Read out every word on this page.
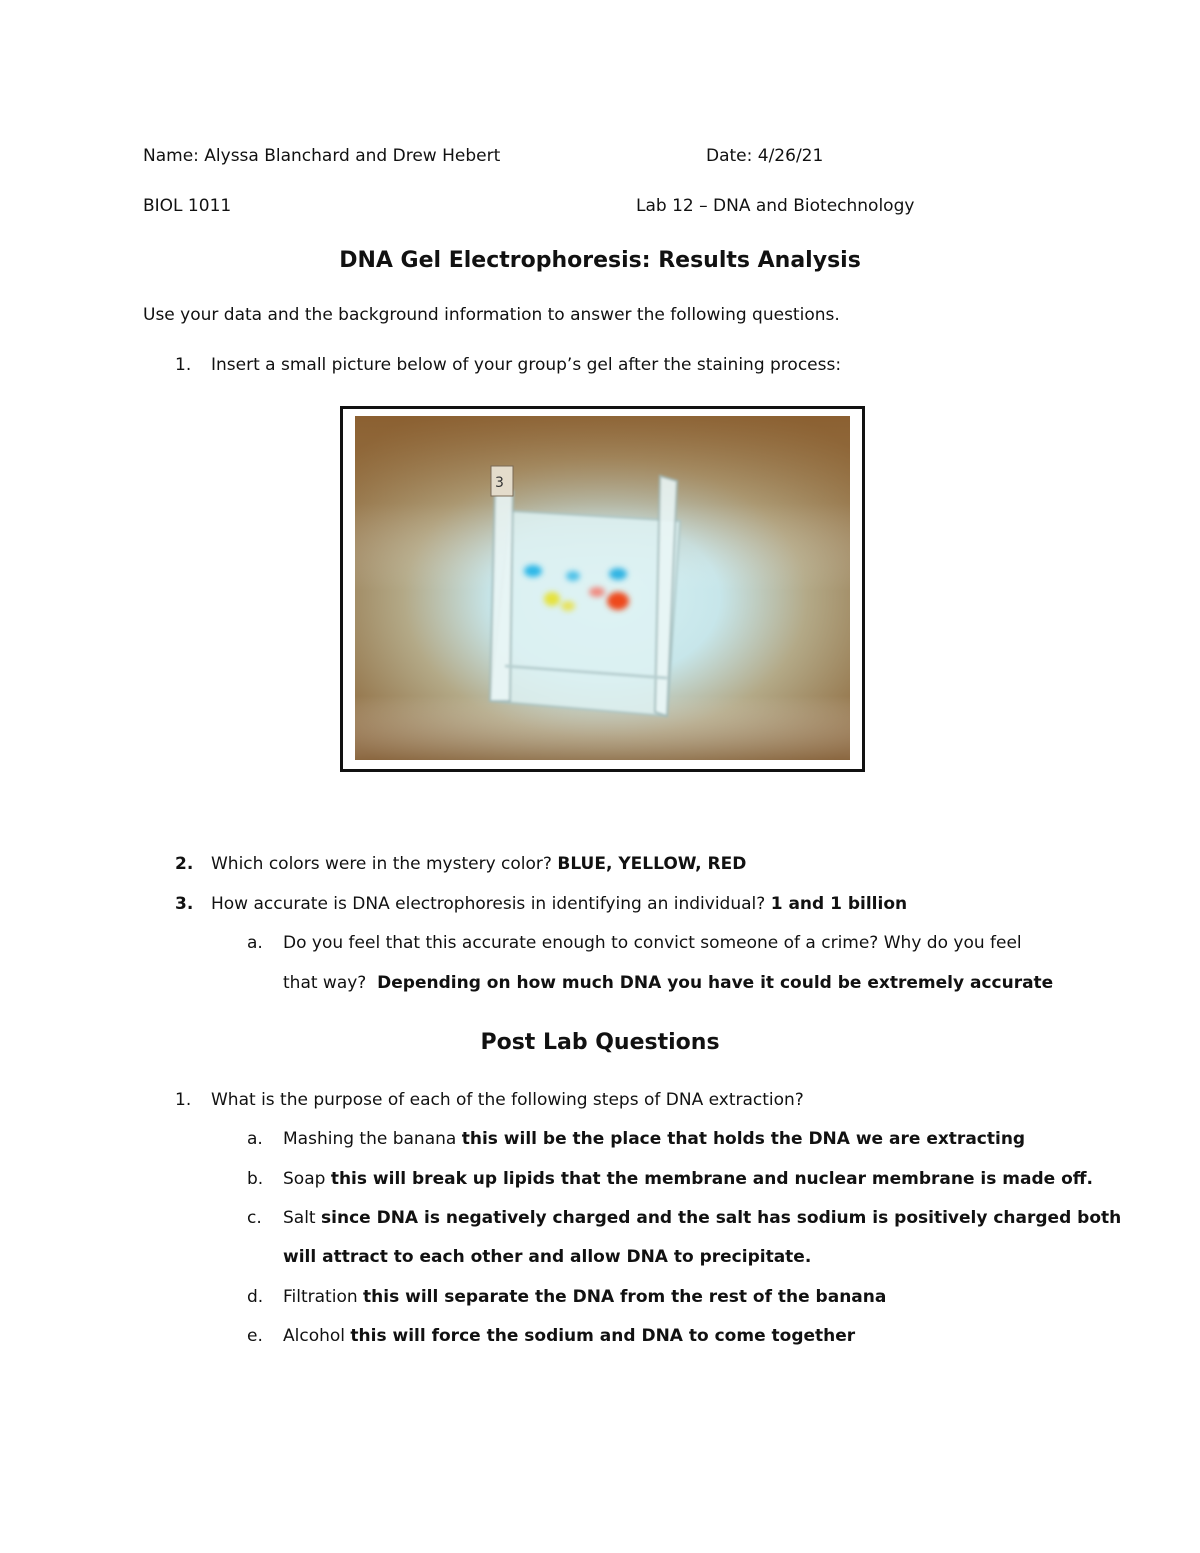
Name: Alyssa Blanchard and Drew Hebert	Date: 4/26/21
BIOL 1011	Lab 12 – DNA and Biotechnology
DNA Gel Electrophoresis: Results Analysis
Use your data and the background information to answer the following questions.
1. Insert a small picture below of your group’s gel after the staining process:
3
2. Which colors were in the mystery color? BLUE, YELLOW, RED
3. How accurate is DNA electrophoresis in identifying an individual? 1 and 1 billion
a. Do you feel that this accurate enough to convict someone of a crime? Why do you feel
that way? Depending on how much DNA you have it could be extremely accurate
Post Lab Questions
1. What is the purpose of each of the following steps of DNA extraction?
a. Mashing the banana this will be the place that holds the DNA we are extracting
b. Soap this will break up lipids that the membrane and nuclear membrane is made off.
c. Salt since DNA is negatively charged and the salt has sodium is positively charged both
will attract to each other and allow DNA to precipitate.
d. Filtration this will separate the DNA from the rest of the banana
e. Alcohol this will force the sodium and DNA to come together
